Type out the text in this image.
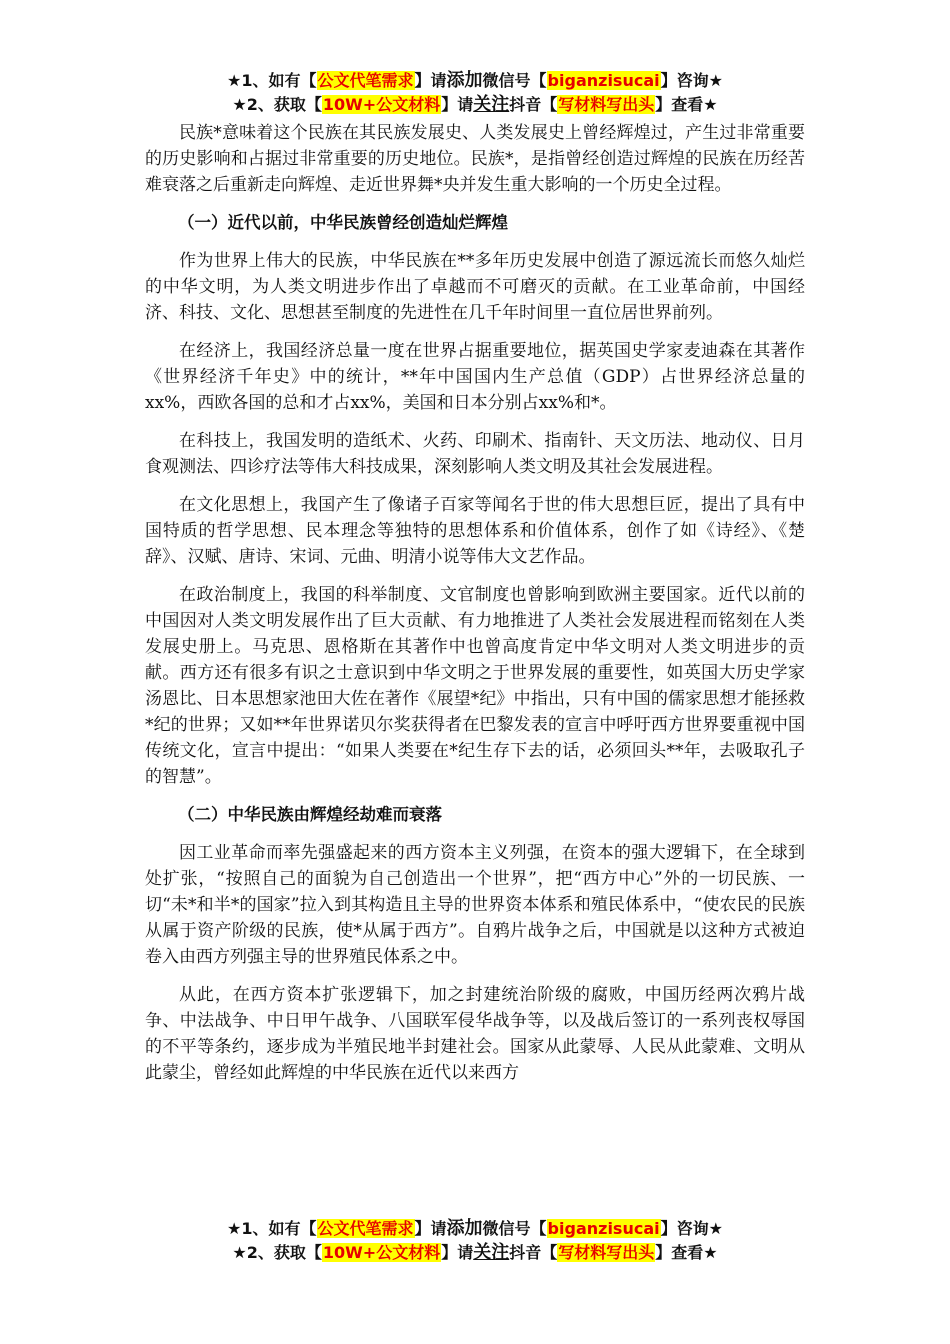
★1、如有【公文代笔需求】请添加微信号【biganzisucai】咨询★
★2、获取【10W+公文材料】请关注抖音【写材料写出头】查看★

民族*意味着这个民族在其民族发展史、人类发展史上曾经辉煌过，产生过非常重要的历史影响和占据过非常重要的历史地位。民族*，是指曾经创造过辉煌的民族在历经苦难衰落之后重新走向辉煌、走近世界舞*央并发生重大影响的一个历史全过程。

（一）近代以前，中华民族曾经创造灿烂辉煌

作为世界上伟大的民族，中华民族在**多年历史发展中创造了源远流长而悠久灿烂的中华文明，为人类文明进步作出了卓越而不可磨灭的贡献。在工业革命前，中国经济、科技、文化、思想甚至制度的先进性在几千年时间里一直位居世界前列。

在经济上，我国经济总量一度在世界占据重要地位，据英国史学家麦迪森在其著作《世界经济千年史》中的统计，**年中国国内生产总值（GDP）占世界经济总量的xx%，西欧各国的总和才占xx%，美国和日本分别占xx%和*。

在科技上，我国发明的造纸术、火药、印刷术、指南针、天文历法、地动仪、日月食观测法、四诊疗法等伟大科技成果，深刻影响人类文明及其社会发展进程。

在文化思想上，我国产生了像诸子百家等闻名于世的伟大思想巨匠，提出了具有中国特质的哲学思想、民本理念等独特的思想体系和价值体系，创作了如《诗经》、《楚辞》、汉赋、唐诗、宋词、元曲、明清小说等伟大文艺作品。

在政治制度上，我国的科举制度、文官制度也曾影响到欧洲主要国家。近代以前的中国因对人类文明发展作出了巨大贡献、有力地推进了人类社会发展进程而铭刻在人类发展史册上。马克思、恩格斯在其著作中也曾高度肯定中华文明对人类文明进步的贡献。西方还有很多有识之士意识到中华文明之于世界发展的重要性，如英国大历史学家汤恩比、日本思想家池田大佐在著作《展望*纪》中指出，只有中国的儒家思想才能拯救*纪的世界；又如**年世界诺贝尔奖获得者在巴黎发表的宣言中呼吁西方世界要重视中国传统文化，宣言中提出：“如果人类要在*纪生存下去的话，必须回头**年，去吸取孔子的智慧”。

（二）中华民族由辉煌经劫难而衰落

因工业革命而率先强盛起来的西方资本主义列强，在资本的强大逻辑下，在全球到处扩张，“按照自己的面貌为自己创造出一个世界”，把“西方中心”外的一切民族、一切“未*和半*的国家”拉入到其构造且主导的世界资本体系和殖民体系中，“使农民的民族从属于资产阶级的民族，使*从属于西方”。自鸦片战争之后，中国就是以这种方式被迫卷入由西方列强主导的世界殖民体系之中。

从此，在西方资本扩张逻辑下，加之封建统治阶级的腐败，中国历经两次鸦片战争、中法战争、中日甲午战争、八国联军侵华战争等，以及战后签订的一系列丧权辱国的不平等条约，逐步成为半殖民地半封建社会。国家从此蒙辱、人民从此蒙难、文明从此蒙尘，曾经如此辉煌的中华民族在近代以来西方

★1、如有【公文代笔需求】请添加微信号【biganzisucai】咨询★
★2、获取【10W+公文材料】请关注抖音【写材料写出头】查看★
